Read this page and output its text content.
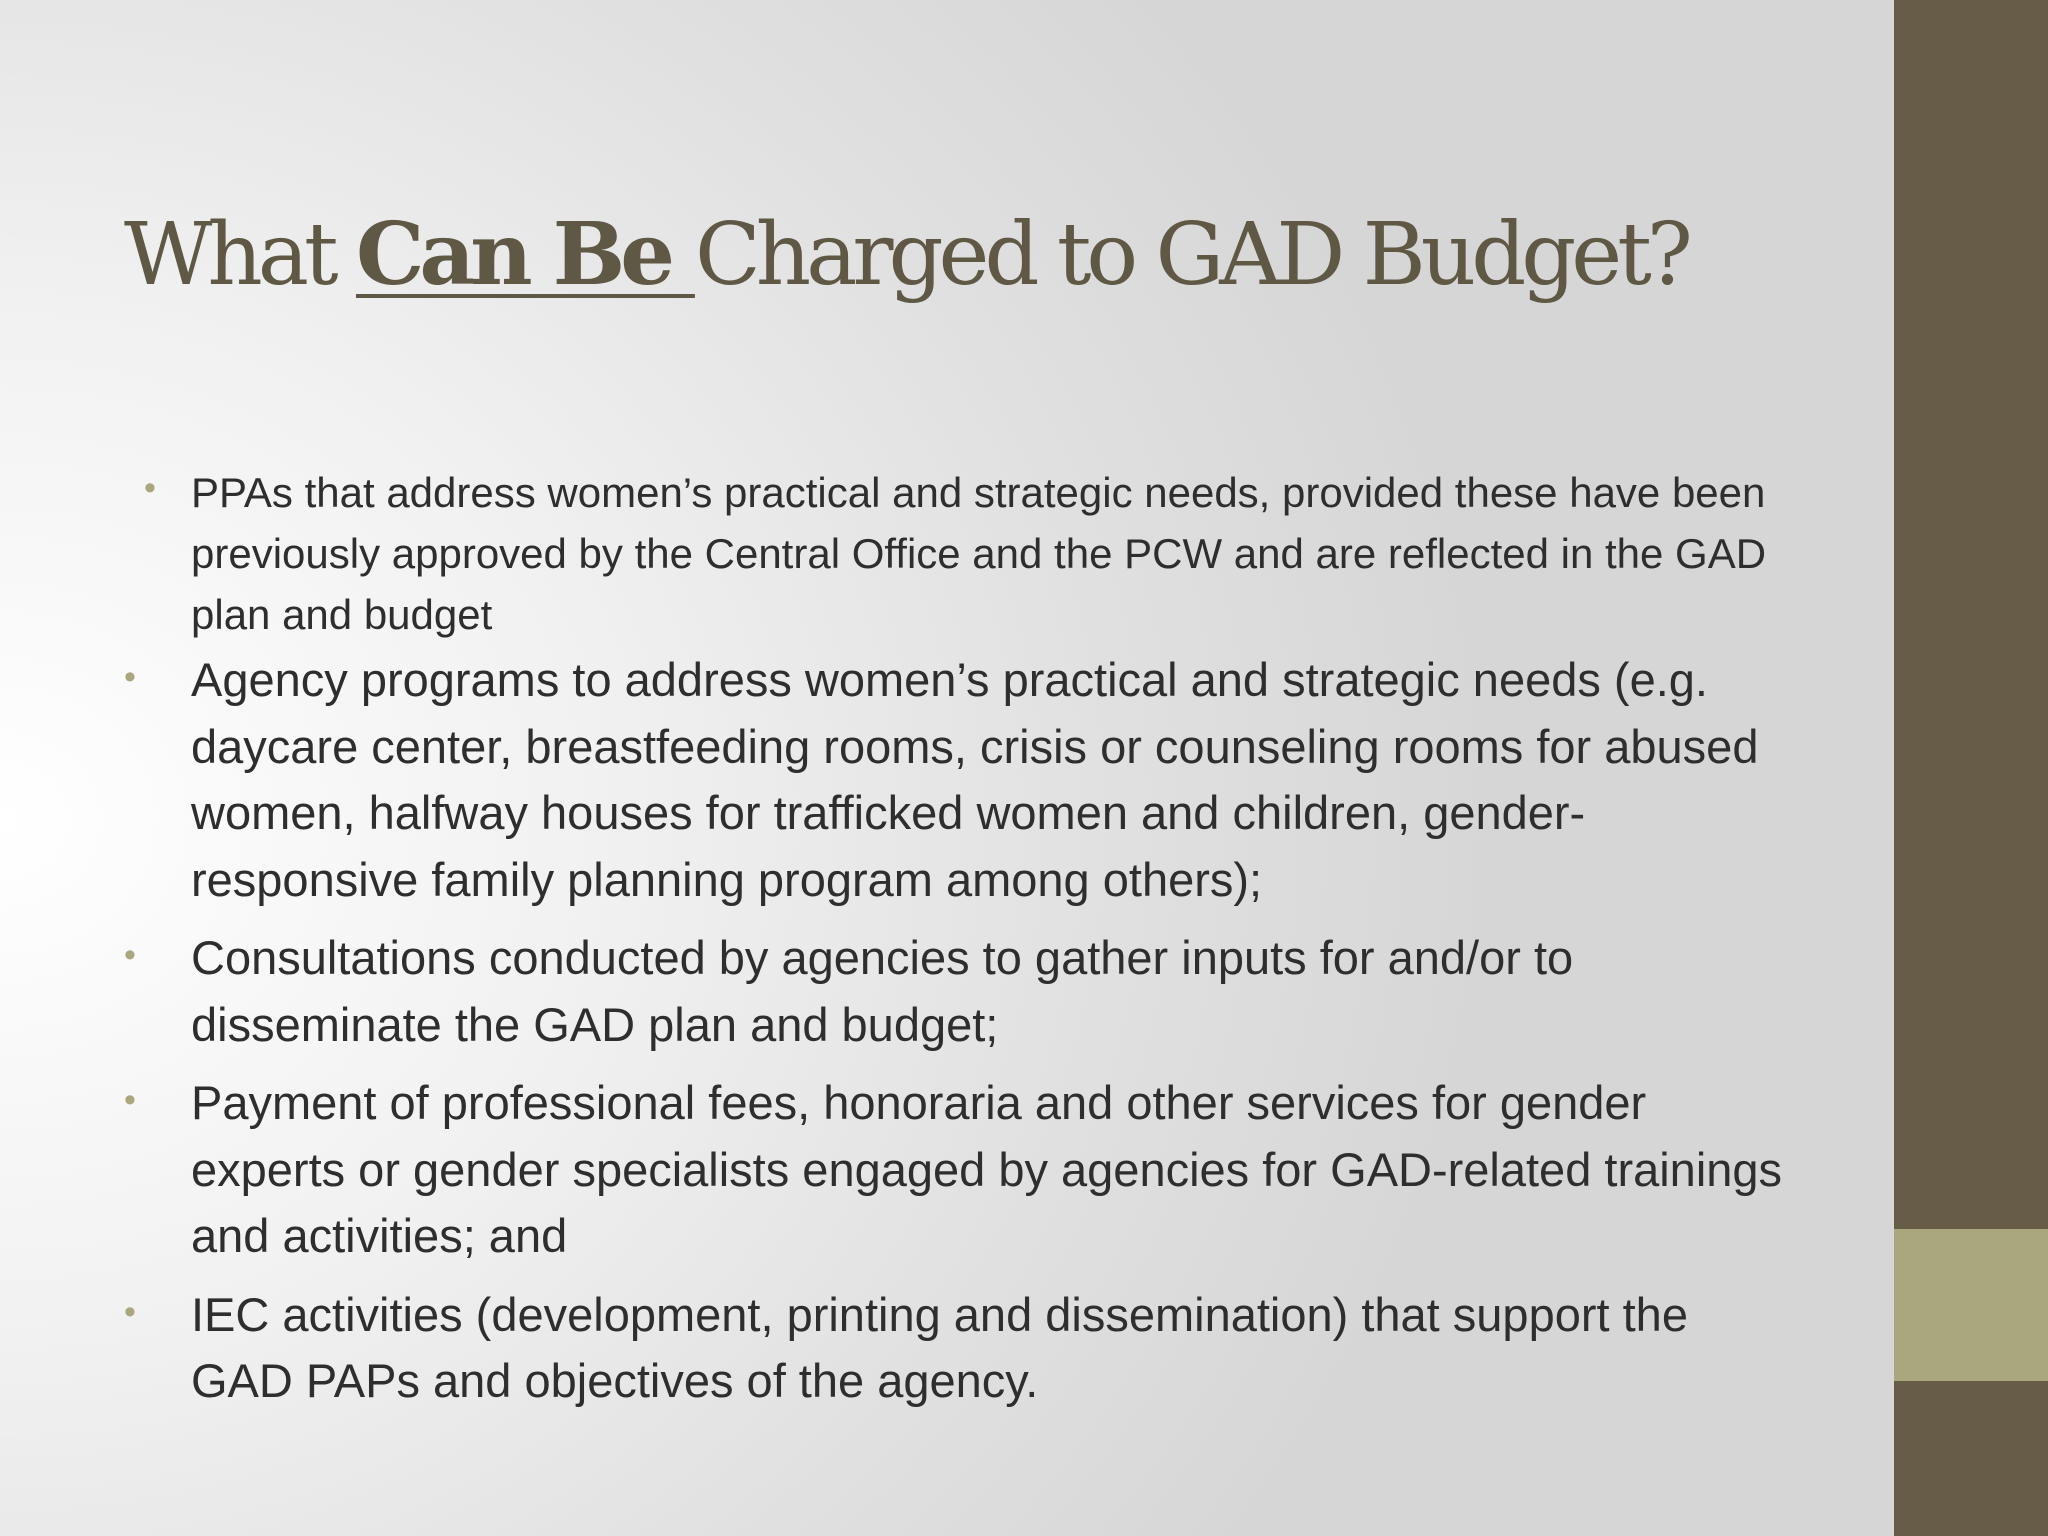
What Can Be Charged to GAD Budget?
• PPAs that address women’s practical and strategic needs, provided these have been previously approved by the Central Office and the PCW and are reflected in the GAD plan and budget
• Agency programs to address women’s practical and strategic needs (e.g. daycare center, breastfeeding rooms, crisis or counseling rooms for abused women, halfway houses for trafficked women and children, gender-responsive family planning program among others);
• Consultations conducted by agencies to gather inputs for and/or to disseminate the GAD plan and budget;
• Payment of professional fees, honoraria and other services for gender experts or gender specialists engaged by agencies for GAD-related trainings and activities; and
• IEC activities (development, printing and dissemination) that support the GAD PAPs and objectives of the agency.
